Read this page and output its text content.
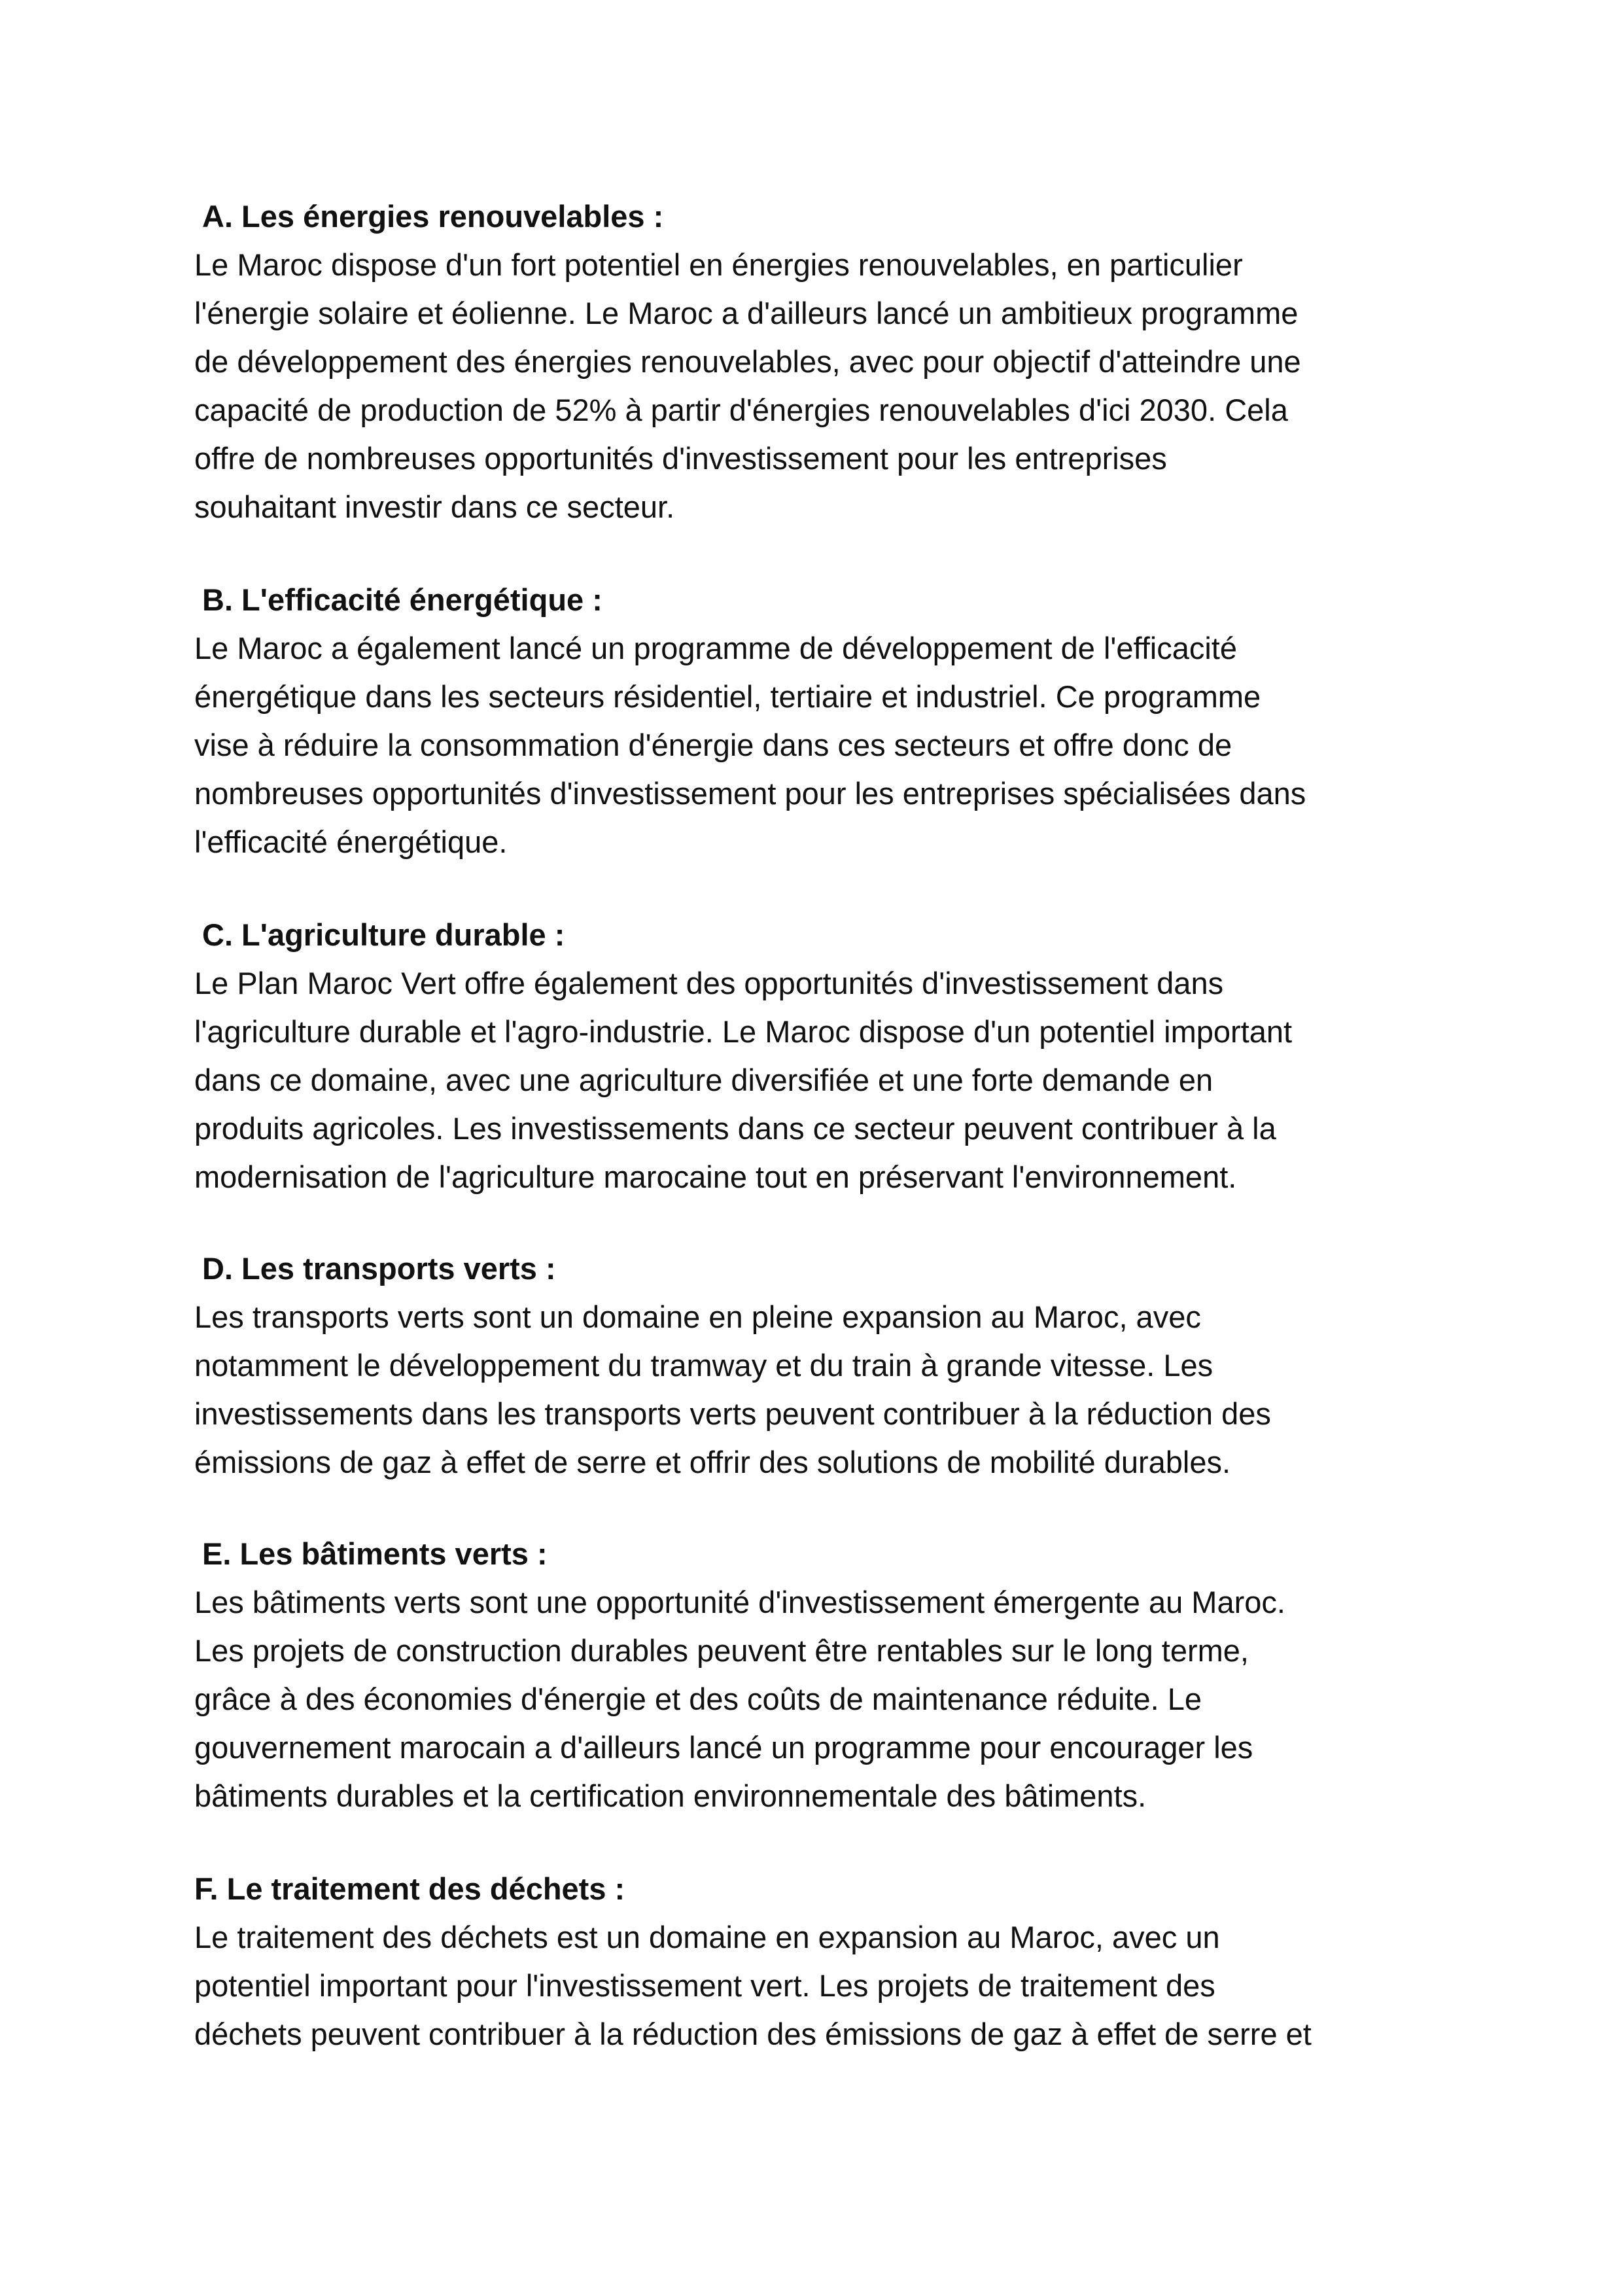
A. Les énergies renouvelables :
Le Maroc dispose d'un fort potentiel en énergies renouvelables, en particulier
l'énergie solaire et éolienne. Le Maroc a d'ailleurs lancé un ambitieux programme
de développement des énergies renouvelables, avec pour objectif d'atteindre une
capacité de production de 52% à partir d'énergies renouvelables d'ici 2030. Cela
offre de nombreuses opportunités d'investissement pour les entreprises
souhaitant investir dans ce secteur.
B. L'efficacité énergétique :
Le Maroc a également lancé un programme de développement de l'efficacité
énergétique dans les secteurs résidentiel, tertiaire et industriel. Ce programme
vise à réduire la consommation d'énergie dans ces secteurs et offre donc de
nombreuses opportunités d'investissement pour les entreprises spécialisées dans
l'efficacité énergétique.
C. L'agriculture durable :
Le Plan Maroc Vert offre également des opportunités d'investissement dans
l'agriculture durable et l'agro-industrie. Le Maroc dispose d'un potentiel important
dans ce domaine, avec une agriculture diversifiée et une forte demande en
produits agricoles. Les investissements dans ce secteur peuvent contribuer à la
modernisation de l'agriculture marocaine tout en préservant l'environnement.
D. Les transports verts :
Les transports verts sont un domaine en pleine expansion au Maroc, avec
notamment le développement du tramway et du train à grande vitesse. Les
investissements dans les transports verts peuvent contribuer à la réduction des
émissions de gaz à effet de serre et offrir des solutions de mobilité durables.
E. Les bâtiments verts :
Les bâtiments verts sont une opportunité d'investissement émergente au Maroc.
Les projets de construction durables peuvent être rentables sur le long terme,
grâce à des économies d'énergie et des coûts de maintenance réduite. Le
gouvernement marocain a d'ailleurs lancé un programme pour encourager les
bâtiments durables et la certification environnementale des bâtiments.
F. Le traitement des déchets :
Le traitement des déchets est un domaine en expansion au Maroc, avec un
potentiel important pour l'investissement vert. Les projets de traitement des
déchets peuvent contribuer à la réduction des émissions de gaz à effet de serre et
